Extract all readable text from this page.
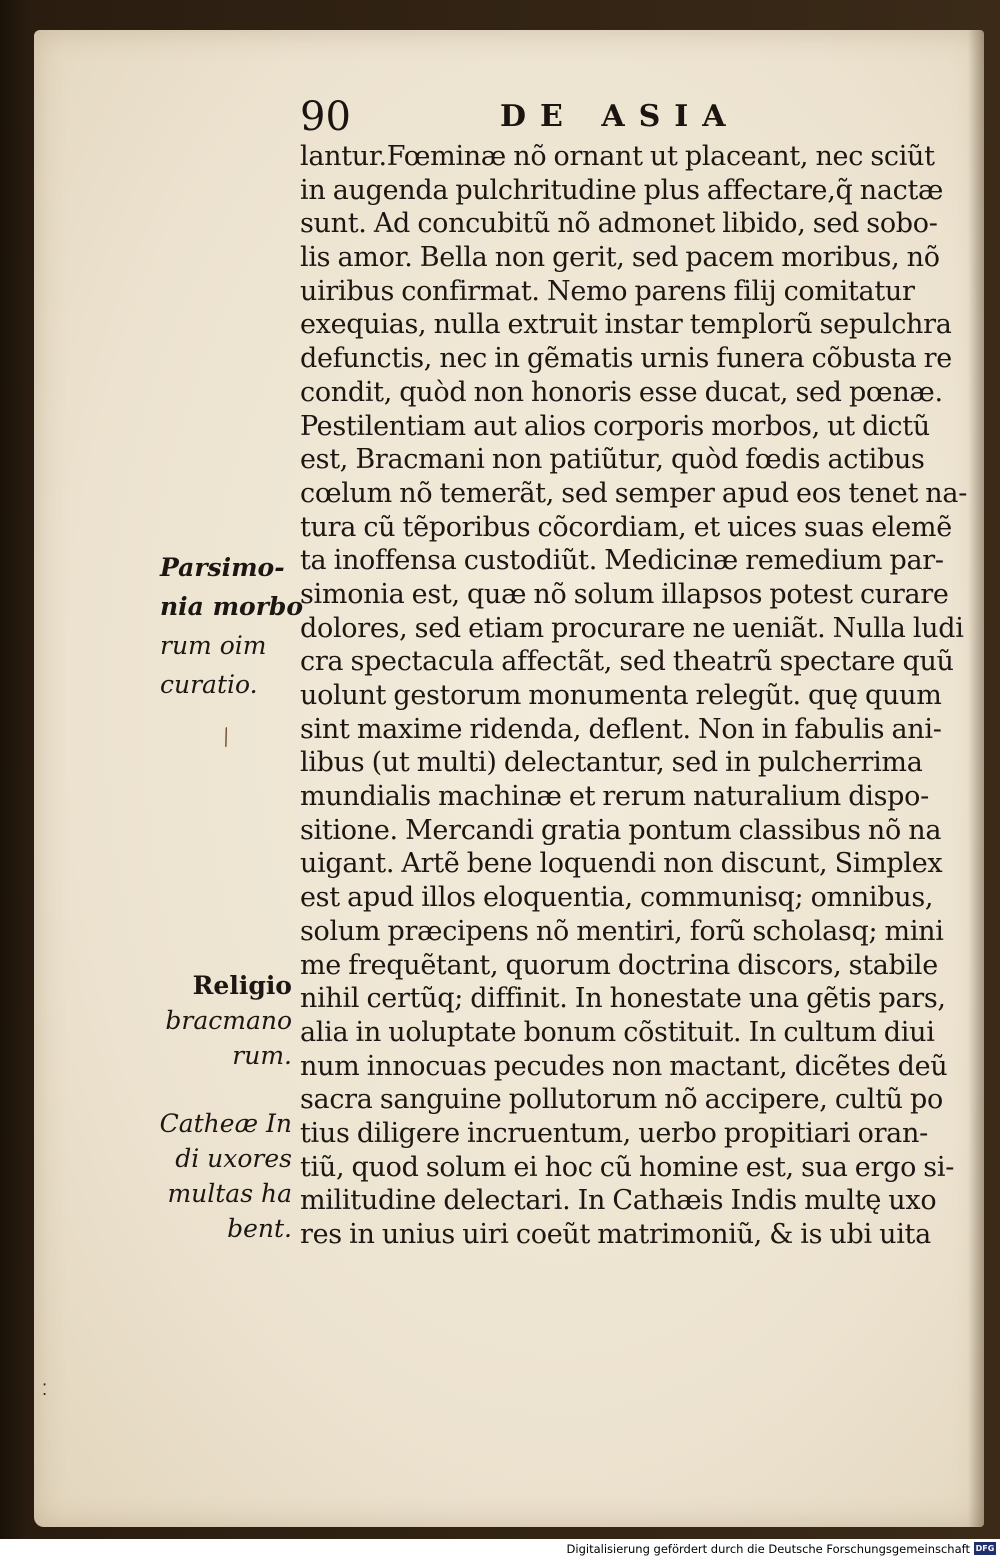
90	DE ASIA
lantur.Fœminæ nõ ornant ut placeant, nec sciũt
in augenda pulchritudine plus affectare,q̃ nactæ
sunt. Ad concubitũ nõ admonet libido, sed sobo-
lis amor. Bella non gerit, sed pacem moribus, nõ
uiribus confirmat. Nemo parens filij comitatur
exequias, nulla extruit instar templorũ sepulchra
defunctis, nec in gẽmatis urnis funera cõbusta re
condit, quòd non honoris esse ducat, sed pœnæ.
Pestilentiam aut alios corporis morbos, ut dictũ
est, Bracmani non patiũtur, quòd fœdis actibus
cœlum nõ temerãt, sed semper apud eos tenet na-
tura cũ tẽporibus cõcordiam, et uices suas elemẽ
ta inoffensa custodiũt. Medicinæ remedium par-
simonia est, quæ nõ solum illapsos potest curare
dolores, sed etiam procurare ne ueniãt. Nulla ludi
cra spectacula affectãt, sed theatrũ spectare quũ
uolunt gestorum monumenta relegũt. quę quum
sint maxime ridenda, deflent. Non in fabulis ani-
libus (ut multi) delectantur, sed in pulcherrima
mundialis machinæ et rerum naturalium dispo-
sitione. Mercandi gratia pontum classibus nõ na
uigant. Artẽ bene loquendi non discunt, Simplex
est apud illos eloquentia, communisq; omnibus,
solum præcipens nõ mentiri, forũ scholasq; mini
me frequẽtant, quorum doctrina discors, stabile
nihil certũq; diffinit. In honestate una gẽtis pars,
alia in uoluptate bonum cõstituit. In cultum diui
num innocuas pecudes non mactant, dicẽtes deũ
sacra sanguine pollutorum nõ accipere, cultũ po
tius diligere incruentum, uerbo propitiari oran-
tiũ, quod solum ei hoc cũ homine est, sua ergo si-
militudine delectari. In Cathæis Indis multę uxo
res in unius uiri coeũt matrimoniũ, & is ubi uita
Parsimo-
nia morbo
rum oim
curatio.
⁄
Religio
bracmano
rum.
Catheæ In
di uxores
multas ha
bent.
⁚
Digitalisierung gefördert durch die Deutsche Forschungsgemeinschaft DFG
